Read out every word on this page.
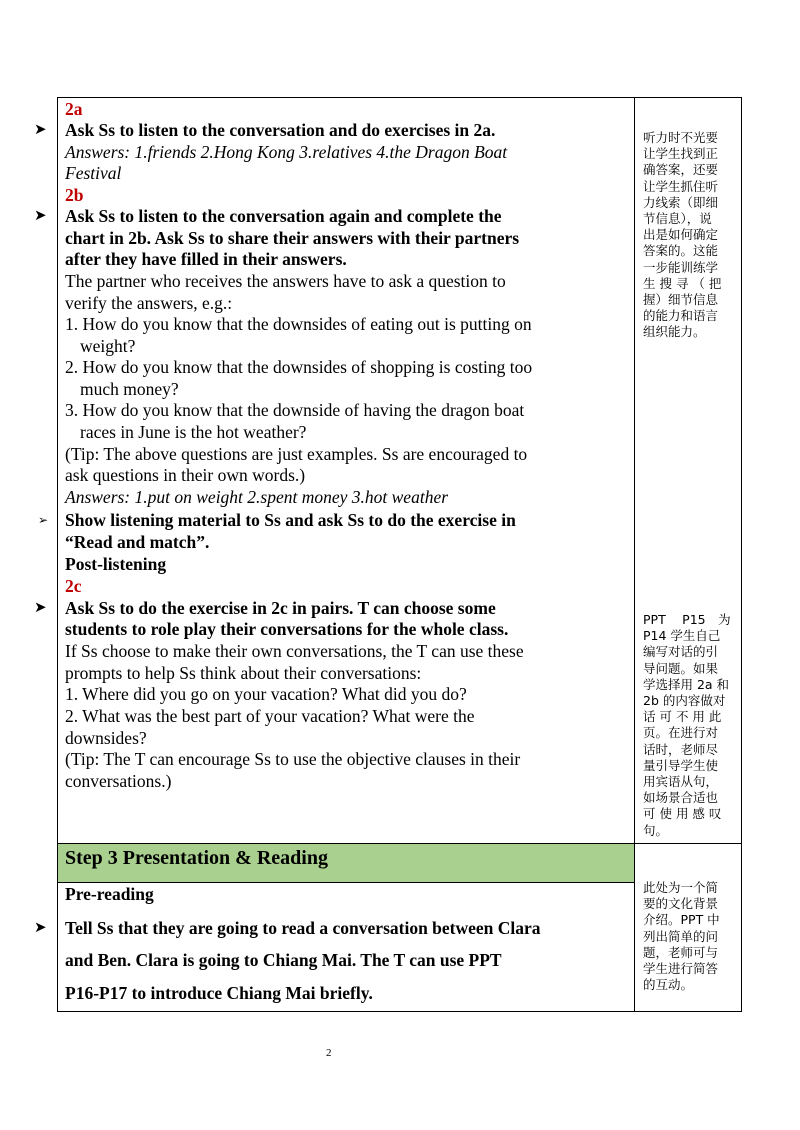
2a
➤ Ask Ss to listen to the conversation and do exercises in 2a.
Answers: 1.friends 2.Hong Kong 3.relatives 4.the Dragon Boat
Festival
2b
➤ Ask Ss to listen to the conversation again and complete the
chart in 2b. Ask Ss to share their answers with their partners
after they have filled in their answers.
The partner who receives the answers have to ask a question to
verify the answers, e.g.:
1. How do you know that the downsides of eating out is putting on
weight?
2. How do you know that the downsides of shopping is costing too
much money?
3. How do you know that the downside of having the dragon boat
races in June is the hot weather?
(Tip: The above questions are just examples. Ss are encouraged to
ask questions in their own words.)
Answers: 1.put on weight 2.spent money 3.hot weather
➢ Show listening material to Ss and ask Ss to do the exercise in
“Read and match”.
Post-listening
2c
➤ Ask Ss to do the exercise in 2c in pairs. T can choose some
students to role play their conversations for the whole class.
If Ss choose to make their own conversations, the T can use these
prompts to help Ss think about their conversations:
1. Where did you go on your vacation? What did you do?
2. What was the best part of your vacation? What were the
downsides?
(Tip: The T can encourage Ss to use the objective clauses in their
conversations.)
Step 3 Presentation & Reading
Pre-reading
➤ Tell Ss that they are going to read a conversation between Clara
and Ben. Clara is going to Chiang Mai. The T can use PPT
P16-P17 to introduce Chiang Mai briefly.
听力时不光要
让学生找到正
确答案，还要
让学生抓住听
力线索（即细
节信息），说
出是如何确定
答案的。这能
一步能训练学
生 搜 寻 （ 把
握）细节信息
的能力和语言
组织能力。
PPT　 P15　为
P14 学生自己
编写对话的引
导问题。如果
学选择用 2a 和
2b 的内容做对
话 可 不 用 此
页。在进行对
话时，老师尽
量引导学生使
用宾语从句，
如场景合适也
可 使 用 感 叹
句。
此处为一个简
要的文化背景
介绍。PPT 中
列出简单的问
题，老师可与
学生进行简答
的互动。
2
